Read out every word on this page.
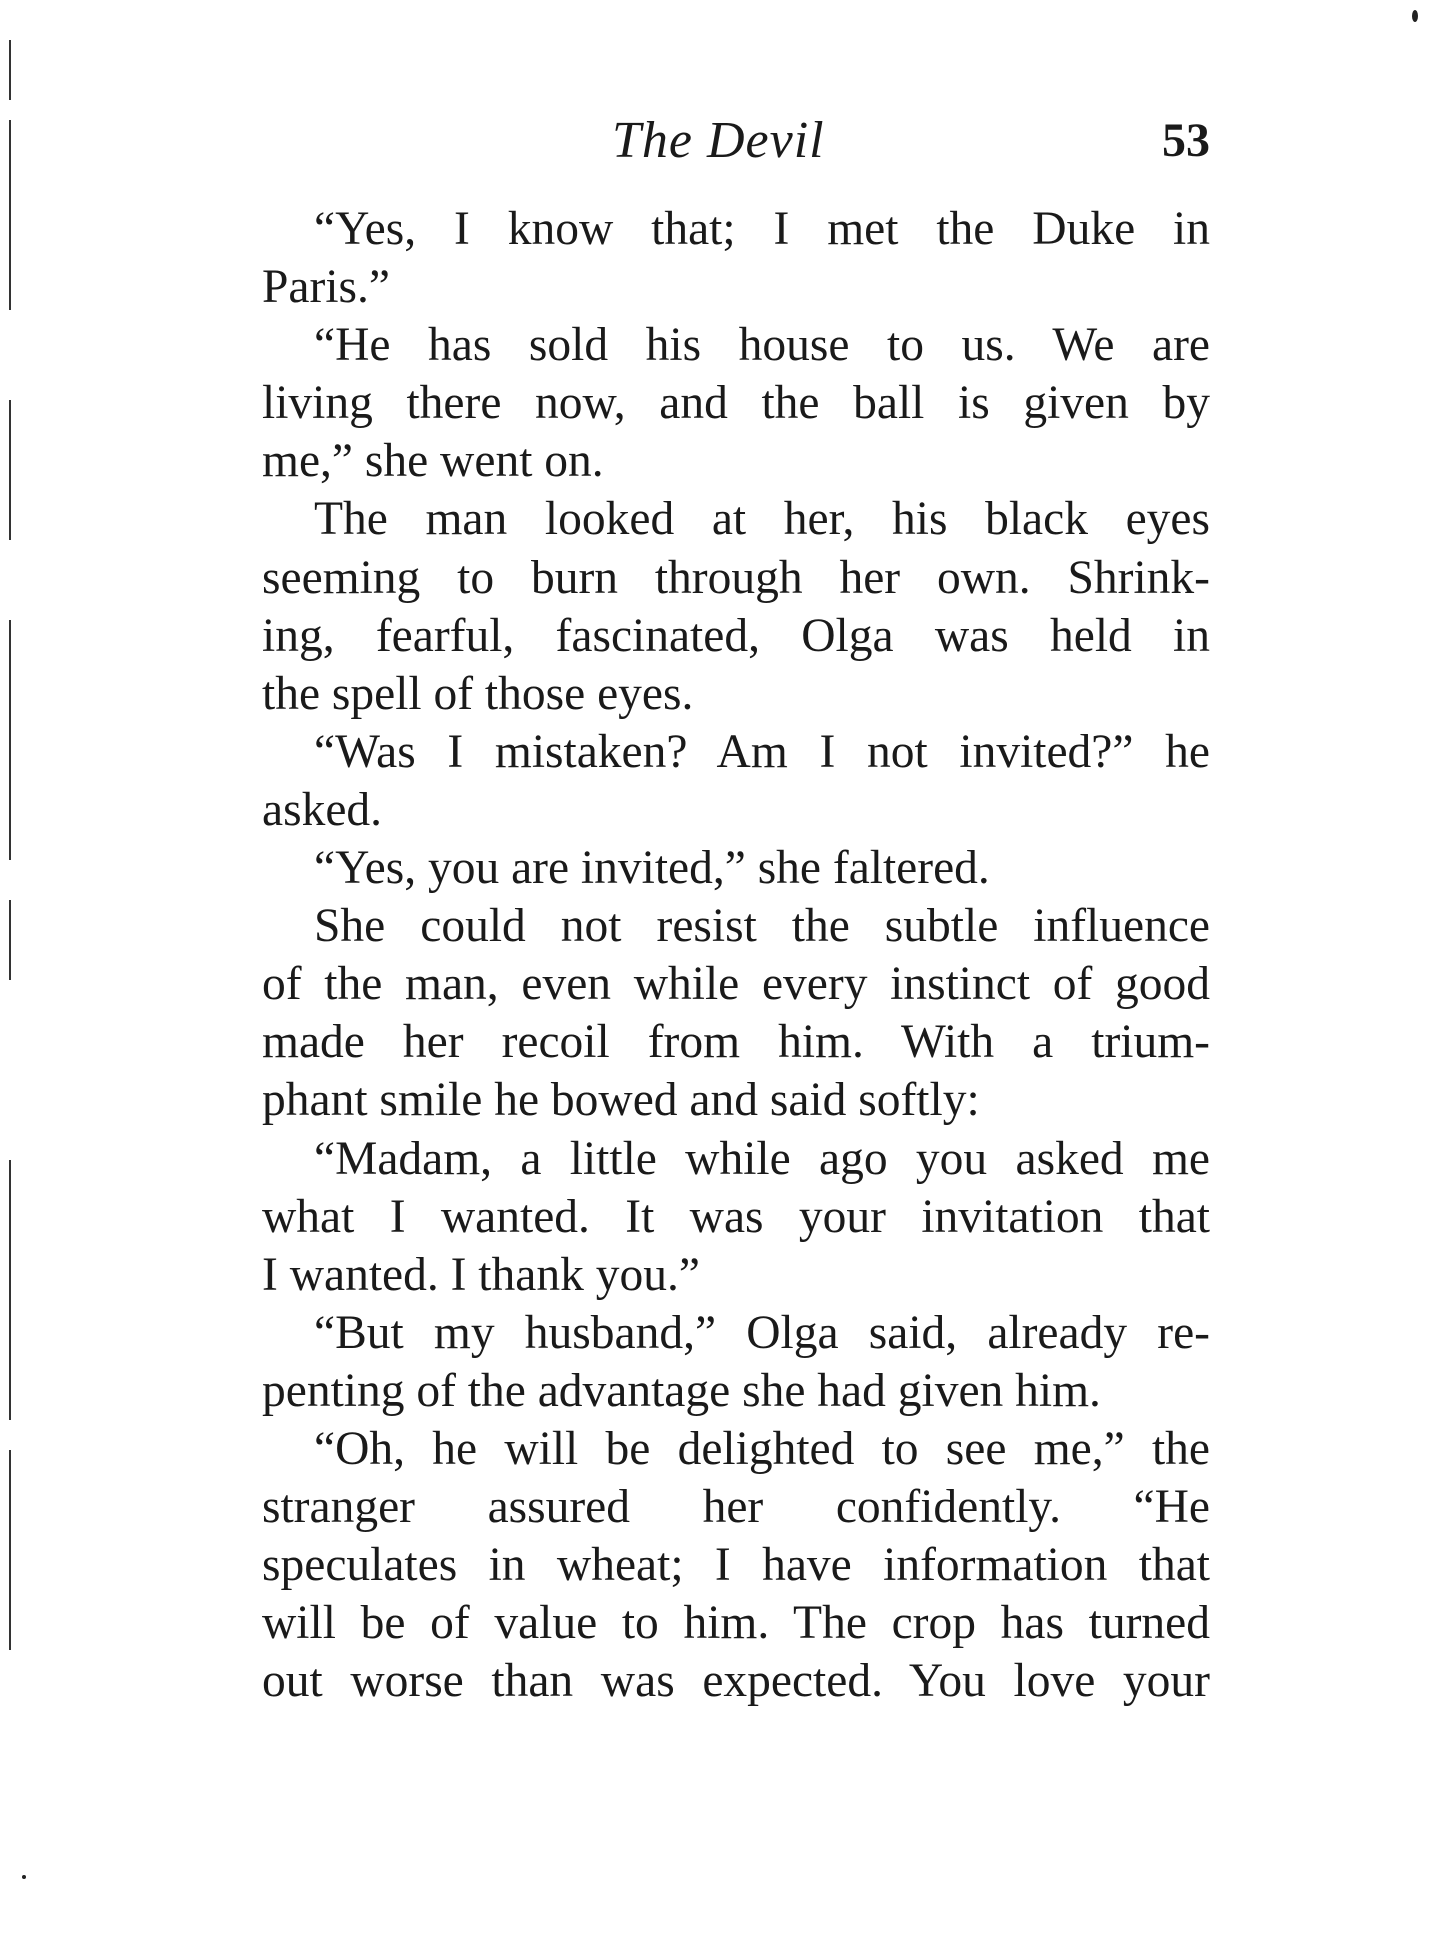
The Devil	53
“Yes, I know that; I met the Duke in
Paris.”
“He has sold his house to us. We are
living there now, and the ball is given by
me,” she went on.
The man looked at her, his black eyes
seeming to burn through her own. Shrink-
ing, fearful, fascinated, Olga was held in
the spell of those eyes.
“Was I mistaken? Am I not invited?” he
asked.
“Yes, you are invited,” she faltered.
She could not resist the subtle influence
of the man, even while every instinct of good
made her recoil from him. With a trium-
phant smile he bowed and said softly:
“Madam, a little while ago you asked me
what I wanted. It was your invitation that
I wanted. I thank you.”
“But my husband,” Olga said, already re-
penting of the advantage she had given him.
“Oh, he will be delighted to see me,” the
stranger assured her confidently. “He
speculates in wheat; I have information that
will be of value to him. The crop has turned
out worse than was expected. You love your
